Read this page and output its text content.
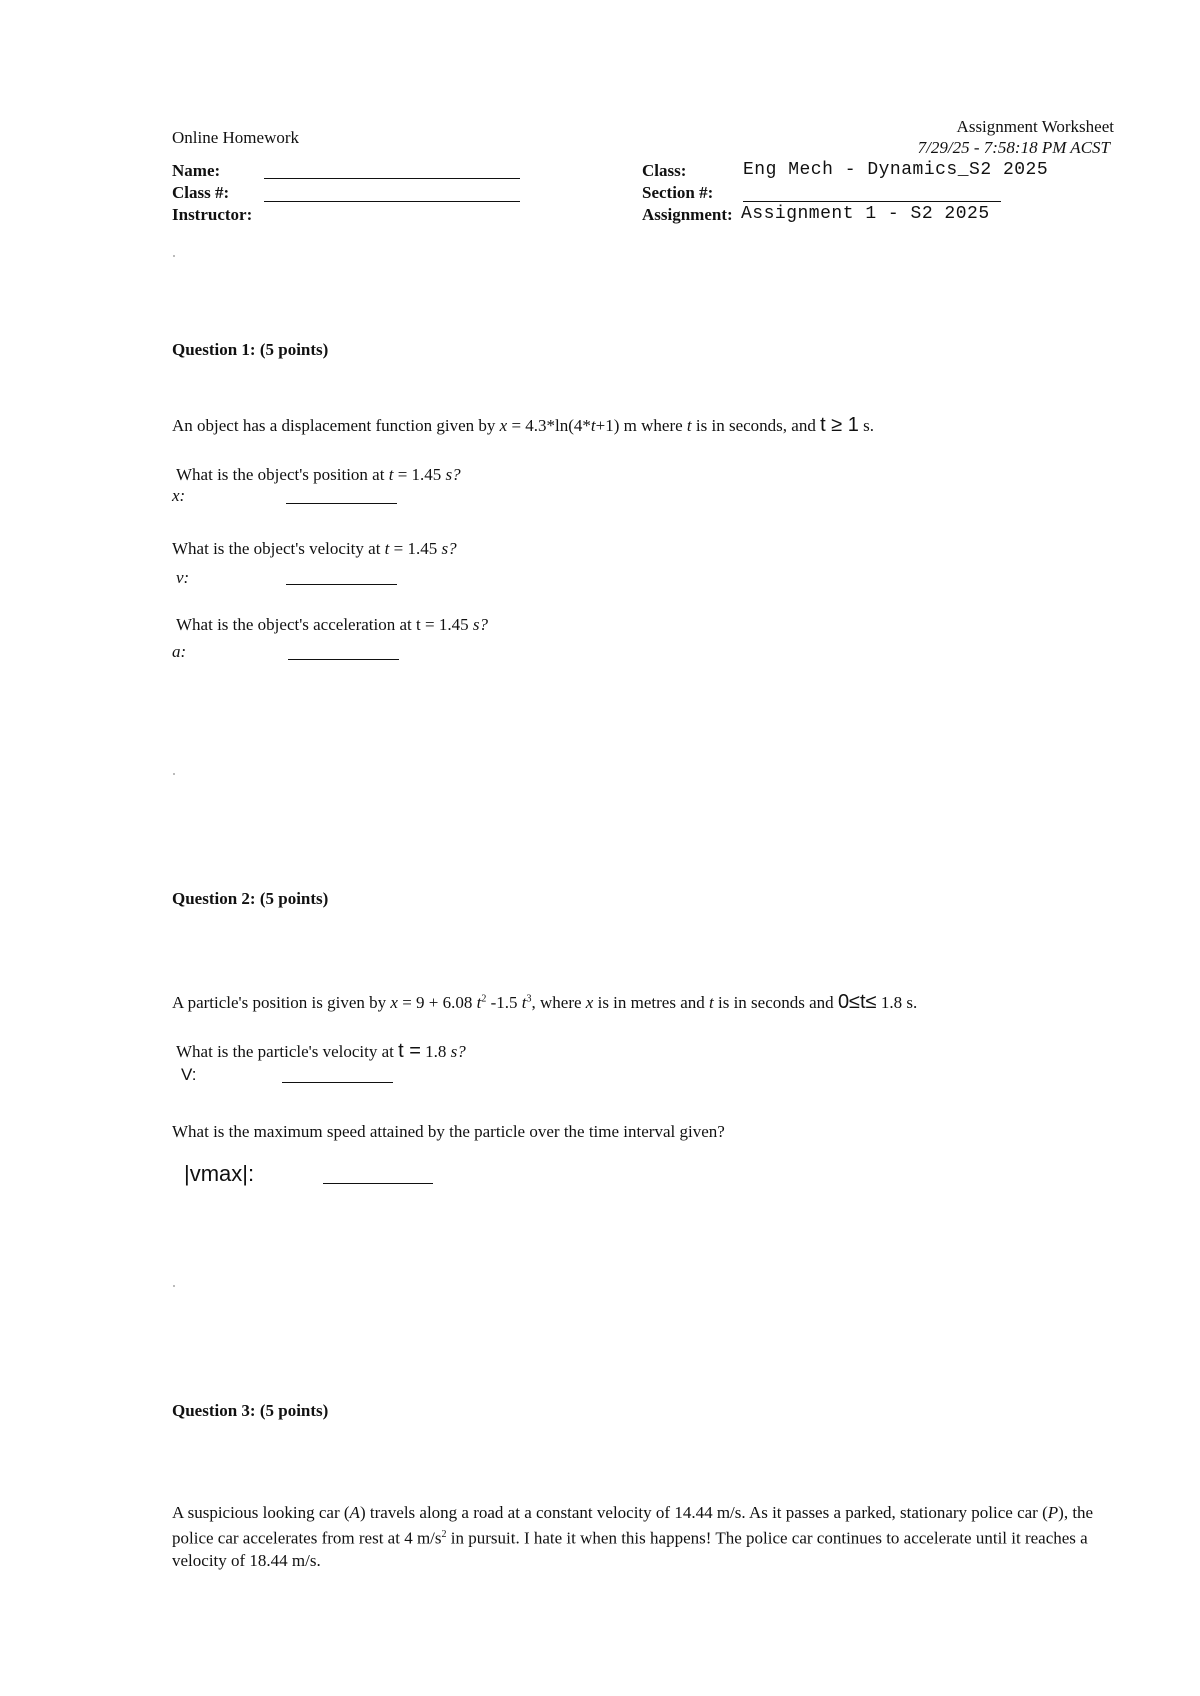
Online Homework
Assignment Worksheet
7/29/25 - 7:58:18 PM ACST
Name:
Class #:
Instructor:
Class:	Eng Mech - Dynamics_S2 2025
Section #:
Assignment: Assignment 1 - S2 2025
Question 1: (5 points)
An object has a displacement function given by x = 4.3*ln(4*t+1) m where t is in seconds, and t ≥ 1 s.
What is the object's position at t = 1.45 s?
x:
What is the object's velocity at t = 1.45 s?
v:
What is the object's acceleration at t = 1.45 s?
a:
Question 2: (5 points)
A particle's position is given by x = 9 + 6.08 $t^2$ -1.5 $t^3$, where x is in metres and t is in seconds and 0≤t≤ 1.8 s.
What is the particle's velocity at t = 1.8 s?
V:
What is the maximum speed attained by the particle over the time interval given?
|vmax|:
Question 3: (5 points)
A suspicious looking car (A) travels along a road at a constant velocity of 14.44 m/s. As it passes a parked, stationary police car (P), the police car accelerates from rest at 4 $m/s^2$ in pursuit. I hate it when this happens! The police car continues to accelerate until it reaches a velocity of 18.44 m/s.
